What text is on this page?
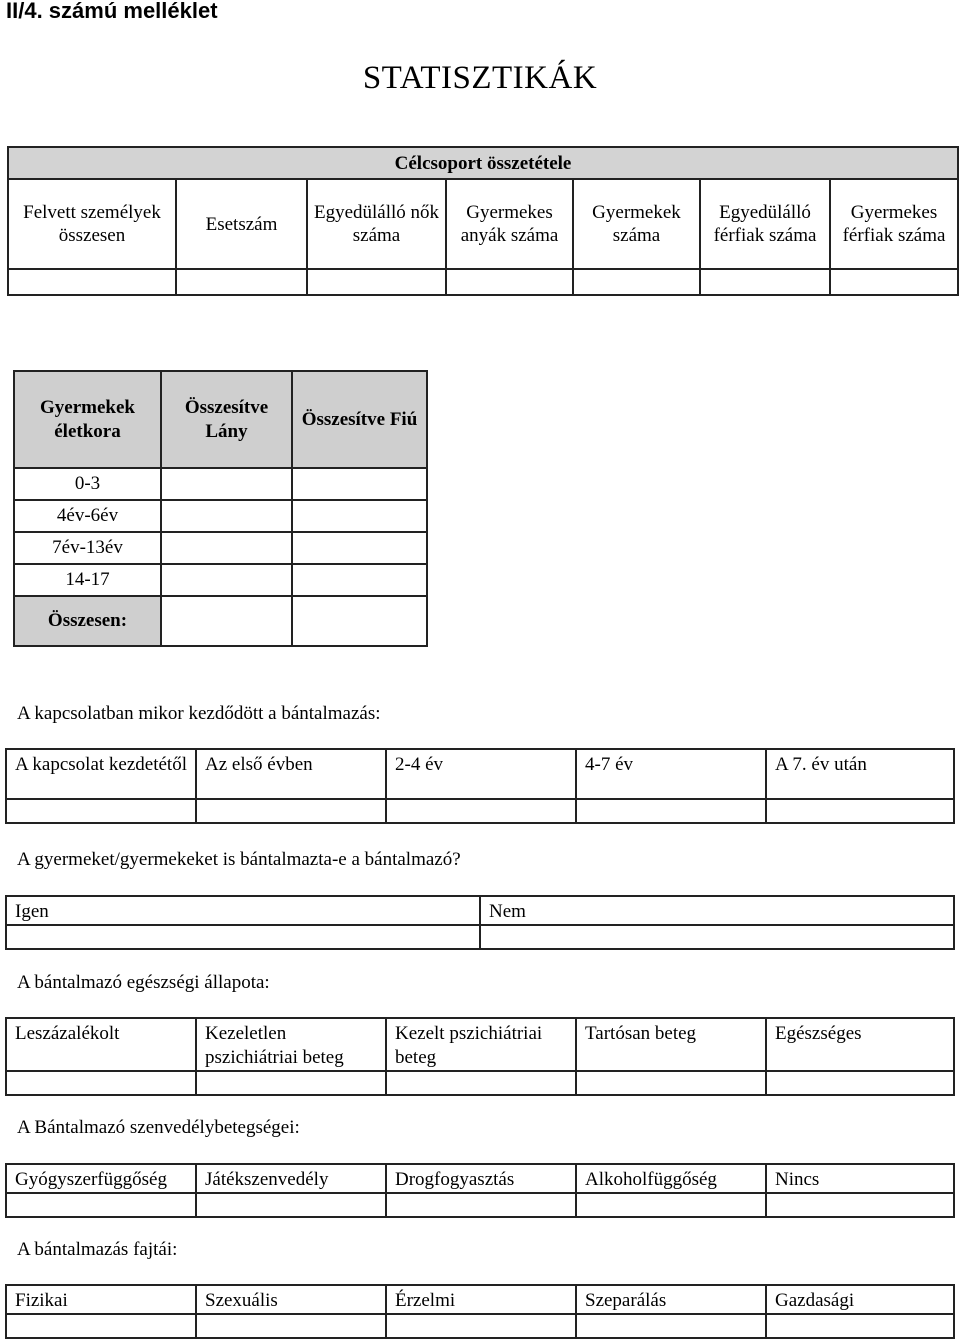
II/4. számú melléklet
STATISZTIKÁK
Célcsoport összetétele						
Felvett személyek összesen	Esetszám	Egyedülálló nők száma	Gyermekes anyák száma	Gyermekek száma	Egyedülálló férfiak száma	Gyermekes férfiak száma

Gyermekek életkora	Összesítve Lány	Összesítve Fiú
0-3		
4év-6év		
7év-13év		
14-17		
Összesen:		
A kapcsolatban mikor kezdődött a bántalmazás:
A kapcsolat kezdetétől	Az első évben	2-4 év	4-7 év	A 7. év után

A gyermeket/gyermekeket is bántalmazta-e a bántalmazó?
Igen	Nem

A bántalmazó egészségi állapota:
Leszázalékolt	Kezeletlen pszichiátriai beteg	Kezelt pszichiátriai beteg	Tartósan beteg	Egészséges

A Bántalmazó szenvedélybetegségei:
Gyógyszerfüggőség	Játékszenvedély	Drogfogyasztás	Alkoholfüggőség	Nincs

A bántalmazás fajtái:
Fizikai	Szexuális	Érzelmi	Szeparálás	Gazdasági
